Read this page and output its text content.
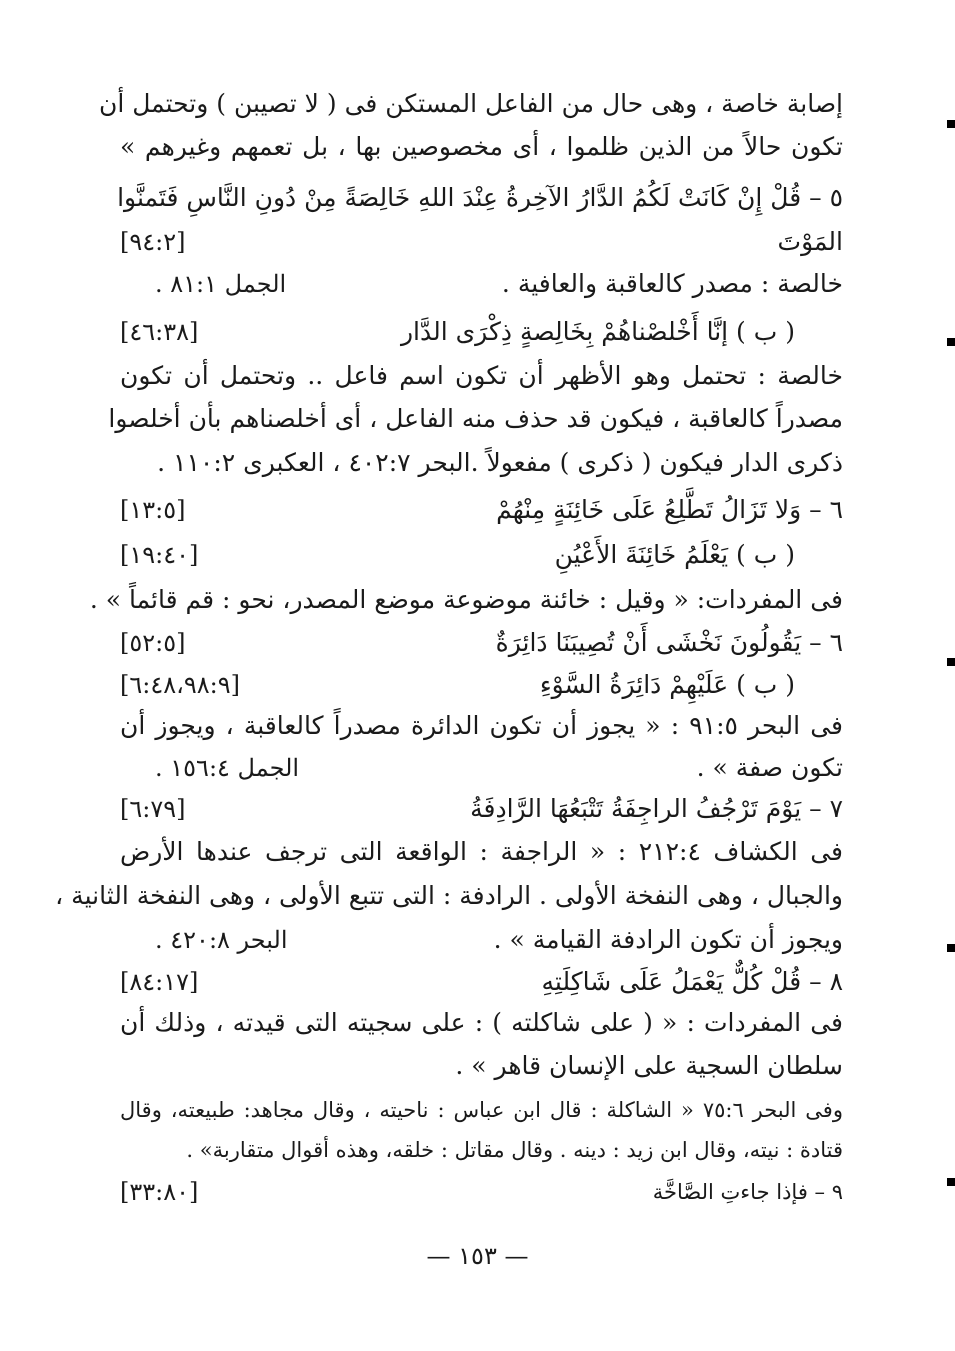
إصابة خاصة ، وهى حال من الفاعل المستكن فى ( لا تصيبن ) وتحتمل أن
تكون حالاً من الذين ظلموا ، أى مخصوصين بها ، بل تعمهم وغيرهم »
٥ – قُلْ إِنْ كَانَتْ لَكُمُ الدَّارُ الآخِرةُ عِنْدَ اللهِ خَالِصَةً مِنْ دُونِ النَّاسِ فَتَمنَّوا
المَوْتَ
[٩٤:٢]
خالصة : مصدر كالعاقبة والعافية .
الجمل ٨١:١ .
( ب ) إنَّا أَخْلصْناهُمْ بِخَالِصةٍ ذِكْرَى الدَّار
[٤٦:٣٨]
خالصة : تحتمل وهو الأظهر أن تكون اسم فاعل .. وتحتمل أن تكون
مصدراً كالعاقبة ، فيكون قد حذف منه الفاعل ، أى أخلصناهم بأن أخلصوا
ذكرى الدار فيكون ( ذكرى ) مفعولاً .البحر ٤٠٢:٧ ، العكبرى ١١٠:٢ .
٦ – وَلا تَزَالُ تَطَّلِعُ عَلَى خَائِنَةٍ مِنْهُمْ
[١٣:٥]
( ب ) يَعْلَمُ خَائِنَةَ الأَعْيُنِ
[١٩:٤٠]
فى المفردات: « وقيل : خائنة موضوعة موضع المصدر، نحو : قم قائماً » .
٦ – يَقُولُونَ نَخْشَى أَنْ تُصِيبَنَا دَائِرَةٌ
[٥٢:٥]
( ب ) عَلَيْهِمْ دَائِرَةُ السَّوْءِ
[٦:٤٨،٩٨:٩]
فى البحر ٩١:٥ : « يجوز أن تكون الدائرة مصدراً كالعاقبة ، ويجوز أن
تكون صفة » .
الجمل ١٥٦:٤ .
٧ – يَوْمَ تَرْجُفُ الراجِفَةُ تَتْبَعُهَا الرَّادِفَةُ
[٦:٧٩]
فى الكشاف ٢١٢:٤ : « الراجفة : الواقعة التى ترجف عندها الأرض
والجبال ، وهى النفخة الأولى . الرادفة : التى تتبع الأولى ، وهى النفخة الثانية ،
ويجوز أن تكون الرادفة القيامة » .
البحر ٤٢٠:٨ .
٨ – قُلْ كُلٌّ يَعْمَلُ عَلَى شَاكِلَتِهِ
[٨٤:١٧]
فى المفردات : « ( على شاكلته ) : على سجيته التى قيدته ، وذلك أن
سلطان السجية على الإنسان قاهر » .
وفى البحر ٧٥:٦ « الشاكلة : قال ابن عباس : ناحيته ، وقال مجاهد: طبيعته، وقال
قتادة : نيته، وقال ابن زيد : دينه . وقال مقاتل : خلقه، وهذه أقوال متقاربة» .
٩ – فإذا جاءتِ الصَّاخَّة
[٣٣:٨٠]
— ١٥٣ —
